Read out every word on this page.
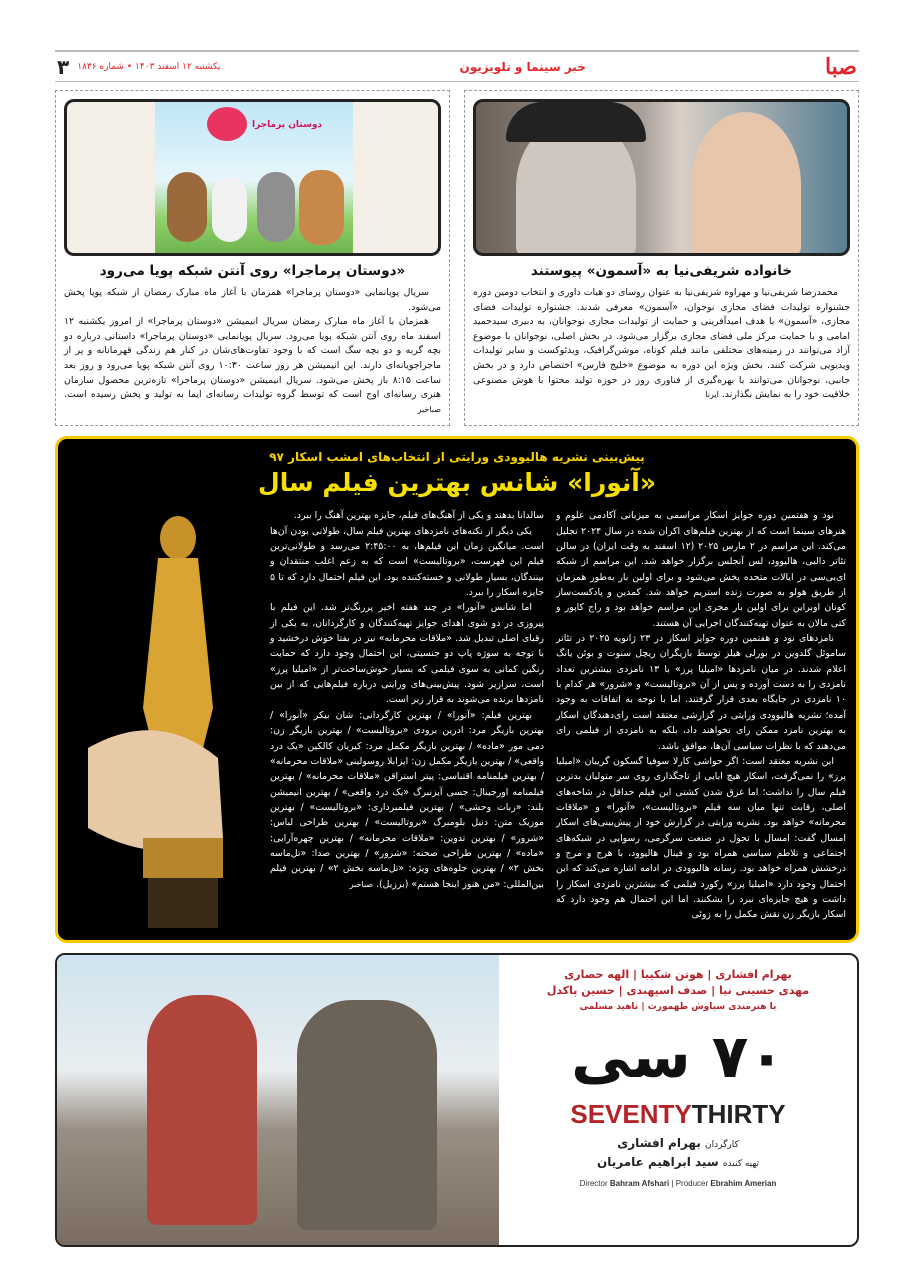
صبا
خبر سینما و تلویزیون
یکشنبه ۱۲ اسفند ۱۴۰۳ • شماره ۱۸۳۶
۳
خانواده شریفی‌نیا به «آسمون» پیوستند

محمدرضا شریفی‌نیا و مهراوه شریفی‌نیا به عنوان روسای دو هیات داوری و انتخاب دومین دوره جشنواره تولیدات فضای مجازی نوجوان، «آسمون» معرفی شدند. جشنواره تولیدات فضای مجازی، «آسمون» با هدف امیدآفرینی و حمایت از تولیدات مجازی نوجوانان، به دبیری سیدحمید امامی و با حمایت مرکز ملی فضای مجازی برگزار می‌شود. در بخش اصلی، نوجوانان با موضوع آزاد می‌توانند در زمینه‌های مختلفی مانند فیلم کوتاه، موشن‌گرافیک، ویدئوکست و سایر تولیدات ویدیویی شرکت کنند. بخش ویژه این دوره به موضوع «خلیج فارس» اختصاص دارد و در بخش جانبی، نوجوانان می‌توانند با بهره‌گیری از فناوری روز در حوزه تولید محتوا با هوش مصنوعی خلاقیت خود را به نمایش بگذارند. ایرنا

دوستان پرماجرا
«دوستان پرماجرا» روی آنتن شبکه پویا می‌رود

سریال پویانمایی «دوستان پرماجرا» همزمان با آغاز ماه مبارک رمضان از شبکه پویا پخش می‌شود.

همزمان با آغاز ماه مبارک رمضان سریال انیمیشن «دوستان پرماجرا» از امروز یکشنبه ۱۲ اسفند ماه روی آنتن شبکه پویا می‌رود. سریال پویانمایی «دوستان پرماجرا» داستانی درباره دو بچه گربه و دو بچه سگ است که با وجود تفاوت‌های‌شان در کنار هم زندگی قهرمانانه و پر از ماجراجویانه‌ای دارند. این انیمیشن هر روز ساعت ۱۰:۳۰ روی آنتن شبکه پویا می‌رود و روز بعد ساعت ۸:۱۵ باز پخش می‌شود. سریال انیمیشن «دوستان پرماجرا» تازه‌ترین محصول سازمان هنری رسانه‌ای اوج است که توسط گروه تولیدات رسانه‌ای ایما به تولید و پخش رسیده است. صباخبر

پیش‌بینی نشریه هالیوودی ورایتی از انتخاب‌های امشب اسکار ۹۷
«آنورا» شانس بهترین فیلم سال

نود و هفتمین دوره جوایز اسکار مراسمی به میزبانی آکادمی علوم و هنرهای سینما است که از بهترین فیلم‌های اکران شده در سال ۲۰۲۴ تجلیل می‌کند. این مراسم در ۲ مارس ۲۰۲۵ (۱۲ اسفند به وقت ایران) در سالن تئاتر دالبی، هالیوود، لس آنجلس برگزار خواهد شد. این مراسم از شبکه ای‌بی‌سی در ایالات متحده پخش می‌شود و برای اولین بار به‌طور همزمان از طریق هولو به صورت زنده استریم خواهد شد. کمدین و پادکست‌ساز کونان اوبراین برای اولین بار مجری این مراسم خواهد بود و راج کاپور و کتی مالان به عنوان تهیه‌کنندگان اجرایی آن هستند.

نامزدهای نود و هفتمین دوره جوایز اسکار در ۲۳ ژانویه ۲۰۲۵ در تئاتر ساموئل گلدوین در بورلی هیلز توسط بازیگران ریچل سنوت و بوئن یانگ اعلام شدند. در میان نامزدها «امیلیا پرز» با ۱۳ نامزدی بیشترین تعداد نامزدی را به دست آورده و پس از آن «بروتالیست» و «شرور» هر کدام با ۱۰ نامزدی در جایگاه بعدی قرار گرفتند. اما با توجه به اتفاقات به وجود آمده؛ نشریه هالیوودی ورایتی در گزارشی معتقد است رای‌دهندگان اسکار به بهترین نامزد ممکن رای نخواهند داد، بلکه به نامزدی از فیلمی رای می‌دهند که با نظرات سیاسی آن‌ها، موافق باشد.

این نشریه معتقد است: اگر حواشی کارلا سوفیا گسکون گریبان «امیلیا پرز» را نمی‌گرفت، اسکار هیچ ابایی از تاجگذاری روی سر متولیان بدترین فیلم سال را نداشت؛ اما غرق شدن کشتی این فیلم حداقل در شاخه‌های اصلی، رقابت تنها میان سه فیلم «بروتالیست»، «آنورا» و «ملاقات محرمانه» خواهد بود. نشریه ورایتی در گزارش خود از پیش‌بینی‌های اسکار امسال گفت: امسال با تحول در صنعت سرگرمی، رسوایی در شبکه‌های اجتماعی و تلاطم سیاسی همراه بود و فینال هالیوود، با هرج و مرج و درخشش همراه خواهد بود. رسانه هالیوودی در ادامه اشاره می‌کند که این احتمال وجود دارد «امیلیا پرز» رکورد فیلمی که بیشترین نامزدی اسکار را داشت و هیچ جایزه‌ای نبرد را بشکنند. اما این احتمال هم وجود دارد که اسکار بازیگر زن نقش مکمل را به زوئی

سالدانا بدهند و یکی از آهنگ‌های فیلم، جایزه بهترین آهنگ را ببرد.

یکی دیگر از نکته‌های نامزدهای بهترین فیلم سال، طولانی بودن آن‌ها است. میانگین زمان این فیلم‌ها، به ۲:۴۵:۰۰ می‌رسد و طولانی‌ترین فیلم این فهرست، «بروتالیست» است که به زعم اغلب منتقدان و بینندگان، بسیار طولانی و خسته‌کننده بود. این فیلم احتمال دارد که تا ۵ جایزه اسکار را ببرد.

اما شانس «آنورا» در چند هفته اخیر پررنگ‌تر شد. این فیلم با پیروزی در دو شوی اهدای جوایز تهیه‌کنندگان و کارگردانان، به یکی از رقبای اصلی تبدیل شد. «ملاقات محرمانه» نیز در بفتا خوش درخشید و با توجه به سوژه پاپ دو جنسیتی، این احتمال وجود دارد که حمایت رنگین کمانی به سوی فیلمی که بسیار خوش‌ساخت‌تر از «امیلیا پرز» است، سرازیر شود. پیش‌بینی‌های ورایتی درباره فیلم‌هایی که از بین نامزدها برنده می‌شوند به قرار زیر است.

بهترین فیلم: «آنورا» / بهترین کارگردانی: شان بیکر «آنورا» / بهترین بازیگر مرد: ادرین برودی «بروتالیست» / بهترین بازیگر زن: دمی مور «ماده» / بهترین بازیگر مکمل مرد: کیریان کالکین «یک درد واقعی» / بهترین بازیگر مکمل زن: ایزابلا روسولینی «ملاقات محرمانه» / بهترین فیلمنامه اقتباسی: پیتر استراقن «ملاقات محرمانه» / بهترین فیلمنامه اورجینال: جسی آیزنبرگ «یک درد واقعی» / بهترین انیمیشن بلند: «ربات وحشی» / بهترین فیلمبرداری: «بروتالیست» / بهترین موزیک متن: دنیل بلومبرگ «بروتالیست» / بهترین طراحی لباس: «شرور» / بهترین تدوین: «ملاقات محرمانه» / بهترین چهره‌آرایی: «ماده» / بهترین طراحی صحنه: «شرور» / بهترین صدا: «تل‌ماسه بخش ۲» / بهترین جلوه‌های ویژه: «تل‌ماسه بخش ۲» / بهترین فیلم بین‌المللی: «من هنوز اینجا هستم» (برزیل). صباخبر

بهرام افشاری | هوتن شکیبا | الهه حصاری
مهدی حسینی نیا | صدف اسپهبدی | حسین پاکدل
با هنرمندی سیاوش طهمورث | ناهید مسلمی
۷۰ سی
SEVENTYTHIRTY
کارگردان بهرام افشاری
تهیه کننده سید ابراهیم عامریان
Director Bahram Afshari | Producer Ebrahim Amerian
